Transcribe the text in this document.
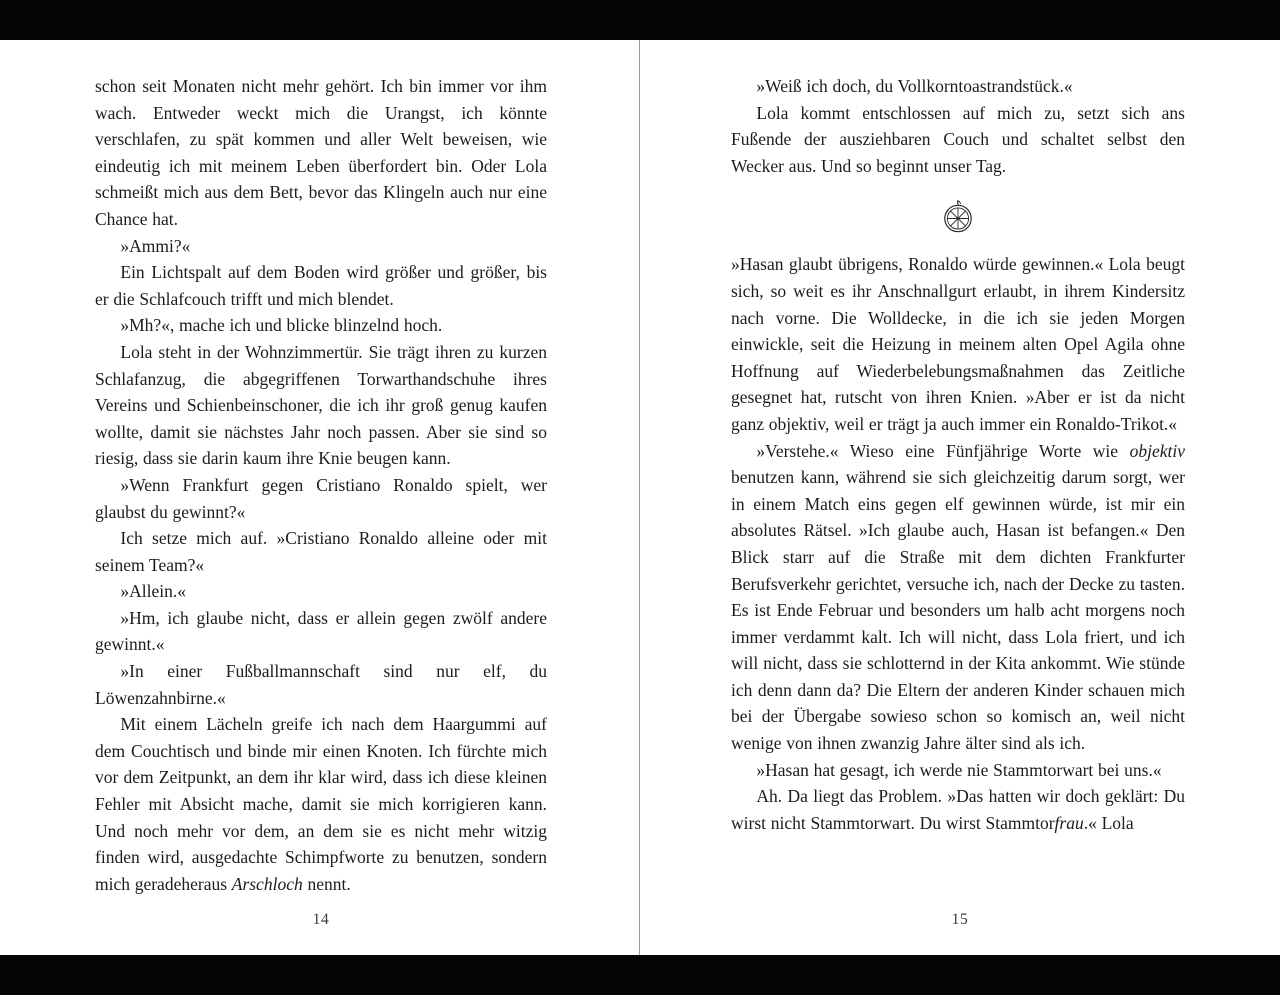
schon seit Monaten nicht mehr gehört. Ich bin immer vor ihm wach. Entweder weckt mich die Urangst, ich könnte verschlafen, zu spät kommen und aller Welt beweisen, wie eindeutig ich mit meinem Leben überfordert bin. Oder Lola schmeißt mich aus dem Bett, bevor das Klingeln auch nur eine Chance hat.

»Ammi?«

Ein Lichtspalt auf dem Boden wird größer und größer, bis er die Schlafcouch trifft und mich blendet.

»Mh?«, mache ich und blicke blinzelnd hoch.

Lola steht in der Wohnzimmertür. Sie trägt ihren zu kurzen Schlafanzug, die abgegriffenen Torwarthandschuhe ihres Vereins und Schienbeinschoner, die ich ihr groß genug kaufen wollte, damit sie nächstes Jahr noch passen. Aber sie sind so riesig, dass sie darin kaum ihre Knie beugen kann.

»Wenn Frankfurt gegen Cristiano Ronaldo spielt, wer glaubst du gewinnt?«

Ich setze mich auf. »Cristiano Ronaldo alleine oder mit seinem Team?«

»Allein.«

»Hm, ich glaube nicht, dass er allein gegen zwölf andere gewinnt.«

»In einer Fußballmannschaft sind nur elf, du Löwenzahnbirne.«

Mit einem Lächeln greife ich nach dem Haargummi auf dem Couchtisch und binde mir einen Knoten. Ich fürchte mich vor dem Zeitpunkt, an dem ihr klar wird, dass ich diese kleinen Fehler mit Absicht mache, damit sie mich korrigieren kann. Und noch mehr vor dem, an dem sie es nicht mehr witzig finden wird, ausgedachte Schimpfworte zu benutzen, sondern mich geradeheraus Arschloch nennt.

14

»Weiß ich doch, du Vollkorntoastrandstück.«

Lola kommt entschlossen auf mich zu, setzt sich ans Fußende der ausziehbaren Couch und schaltet selbst den Wecker aus. Und so beginnt unser Tag.

»Hasan glaubt übrigens, Ronaldo würde gewinnen.« Lola beugt sich, so weit es ihr Anschnallgurt erlaubt, in ihrem Kindersitz nach vorne. Die Wolldecke, in die ich sie jeden Morgen einwickle, seit die Heizung in meinem alten Opel Agila ohne Hoffnung auf Wiederbelebungsmaßnahmen das Zeitliche gesegnet hat, rutscht von ihren Knien. »Aber er ist da nicht ganz objektiv, weil er trägt ja auch immer ein Ronaldo-Trikot.«

»Verstehe.« Wieso eine Fünfjährige Worte wie objektiv benutzen kann, während sie sich gleichzeitig darum sorgt, wer in einem Match eins gegen elf gewinnen würde, ist mir ein absolutes Rätsel. »Ich glaube auch, Hasan ist befangen.« Den Blick starr auf die Straße mit dem dichten Frankfurter Berufsverkehr gerichtet, versuche ich, nach der Decke zu tasten. Es ist Ende Februar und besonders um halb acht morgens noch immer verdammt kalt. Ich will nicht, dass Lola friert, und ich will nicht, dass sie schlotternd in der Kita ankommt. Wie stünde ich denn dann da? Die Eltern der anderen Kinder schauen mich bei der Übergabe sowieso schon so komisch an, weil nicht wenige von ihnen zwanzig Jahre älter sind als ich.

»Hasan hat gesagt, ich werde nie Stammtorwart bei uns.«

Ah. Da liegt das Problem. »Das hatten wir doch geklärt: Du wirst nicht Stammtorwart. Du wirst Stammtorfrau.« Lola

15
